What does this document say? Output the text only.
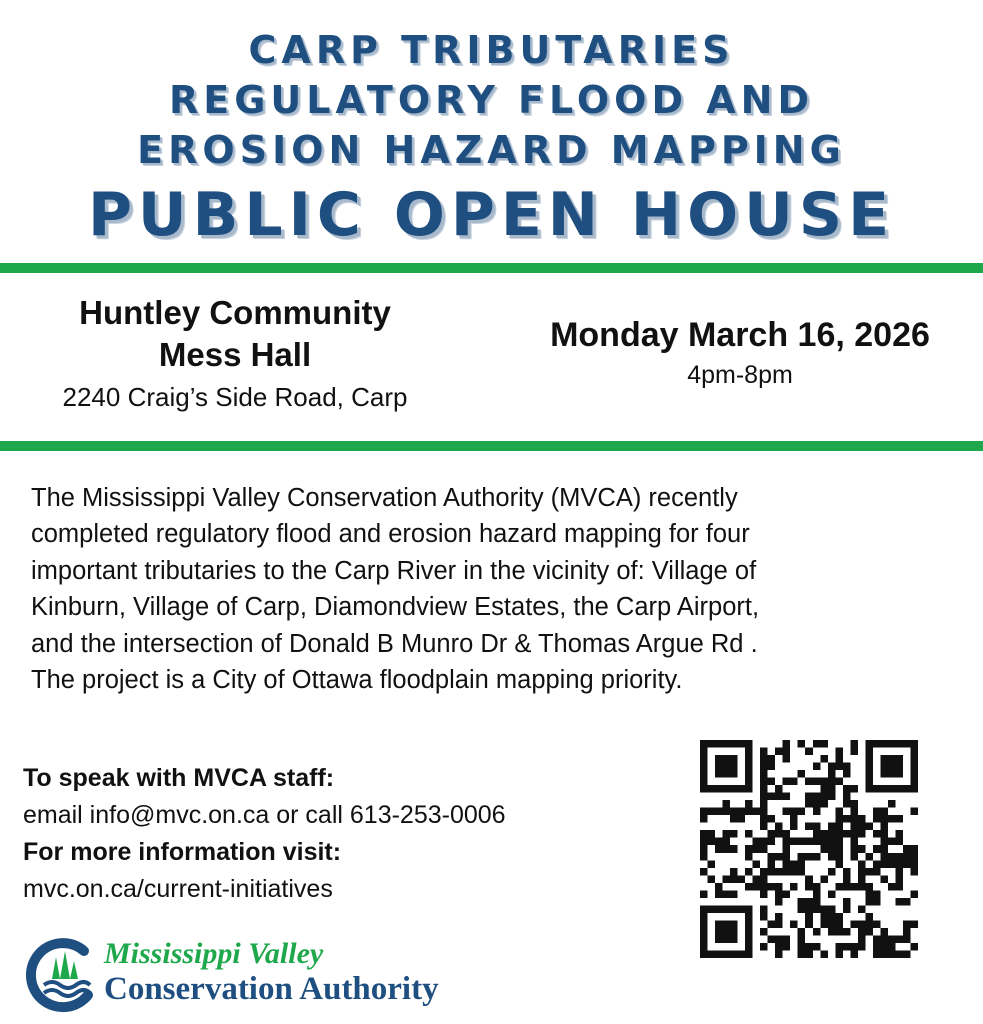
CARP TRIBUTARIES
REGULATORY FLOOD AND
EROSION HAZARD MAPPING
PUBLIC OPEN HOUSE
Huntley Community
Mess Hall
2240 Craig’s Side Road, Carp
Monday March 16, 2026
4pm-8pm
The Mississippi Valley Conservation Authority (MVCA) recently
completed regulatory flood and erosion hazard mapping for four
important tributaries to the Carp River in the vicinity of: Village of
Kinburn, Village of Carp, Diamondview Estates, the Carp Airport,
and the intersection of Donald B Munro Dr & Thomas Argue Rd .
The project is a City of Ottawa floodplain mapping priority.
To speak with MVCA staff:
email info@mvc.on.ca or call 613-253-0006
For more information visit:
mvc.on.ca/current-initiatives
Mississippi Valley
Conservation Authority
